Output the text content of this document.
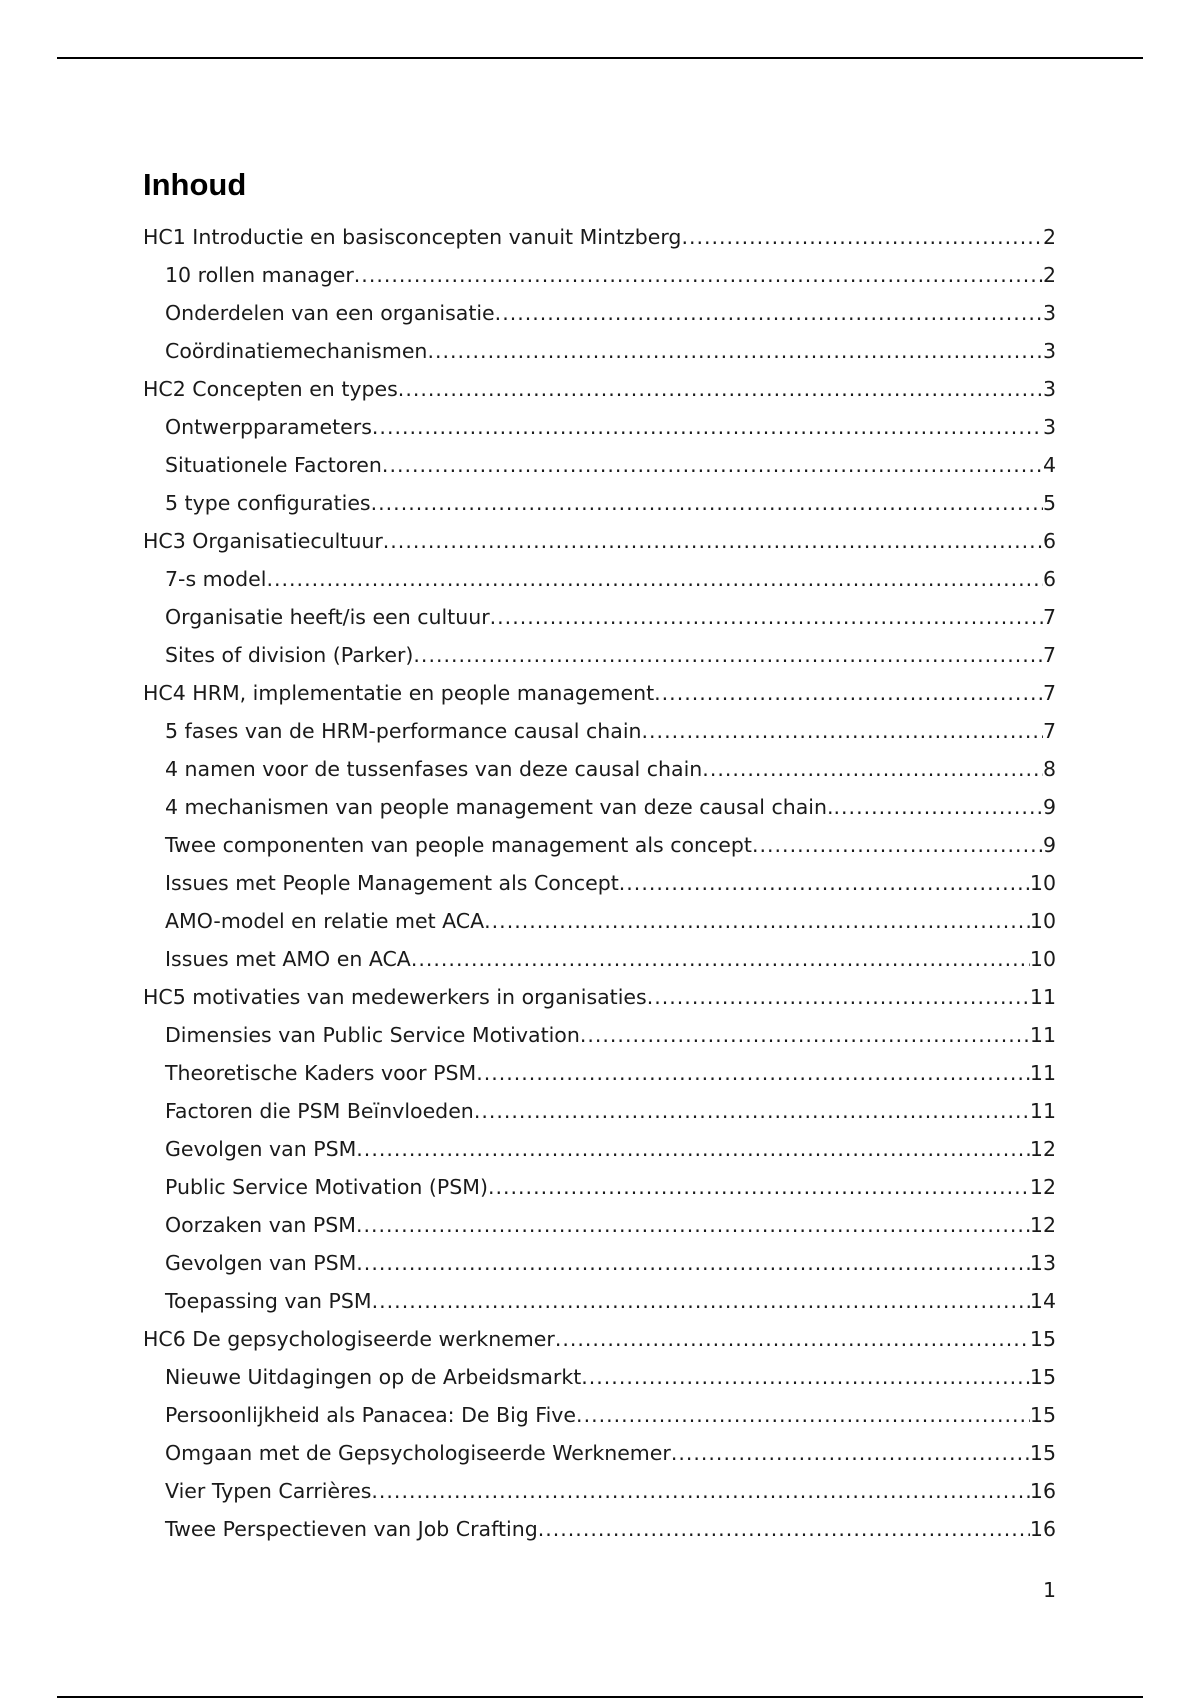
Inhoud
HC1 Introductie en basisconcepten vanuit Mintzberg .....	2
10 rollen manager .....	2
Onderdelen van een organisatie .....	3
Coördinatiemechanismen .....	3
HC2 Concepten en types .....	3
Ontwerpparameters .....	3
Situationele Factoren .....	4
5 type configuraties .....	5
HC3 Organisatiecultuur .....	6
7-s model .....	6
Organisatie heeft/is een cultuur .....	7
Sites of division (Parker) .....	7
HC4 HRM, implementatie en people management .....	7
5 fases van de HRM-performance causal chain .....	7
4 namen voor de tussenfases van deze causal chain .....	8
4 mechanismen van people management van deze causal chain. .....	9
Twee componenten van people management als concept .....	9
Issues met People Management als Concept .....	10
AMO-model en relatie met ACA .....	10
Issues met AMO en ACA .....	10
HC5 motivaties van medewerkers in organisaties .....	11
Dimensies van Public Service Motivation .....	11
Theoretische Kaders voor PSM .....	11
Factoren die PSM Beïnvloeden .....	11
Gevolgen van PSM .....	12
Public Service Motivation (PSM) .....	12
Oorzaken van PSM .....	12
Gevolgen van PSM .....	13
Toepassing van PSM .....	14
HC6 De gepsychologiseerde werknemer .....	15
Nieuwe Uitdagingen op de Arbeidsmarkt .....	15
Persoonlijkheid als Panacea: De Big Five .....	15
Omgaan met de Gepsychologiseerde Werknemer .....	15
Vier Typen Carrières .....	16
Twee Perspectieven van Job Crafting .....	16
1
